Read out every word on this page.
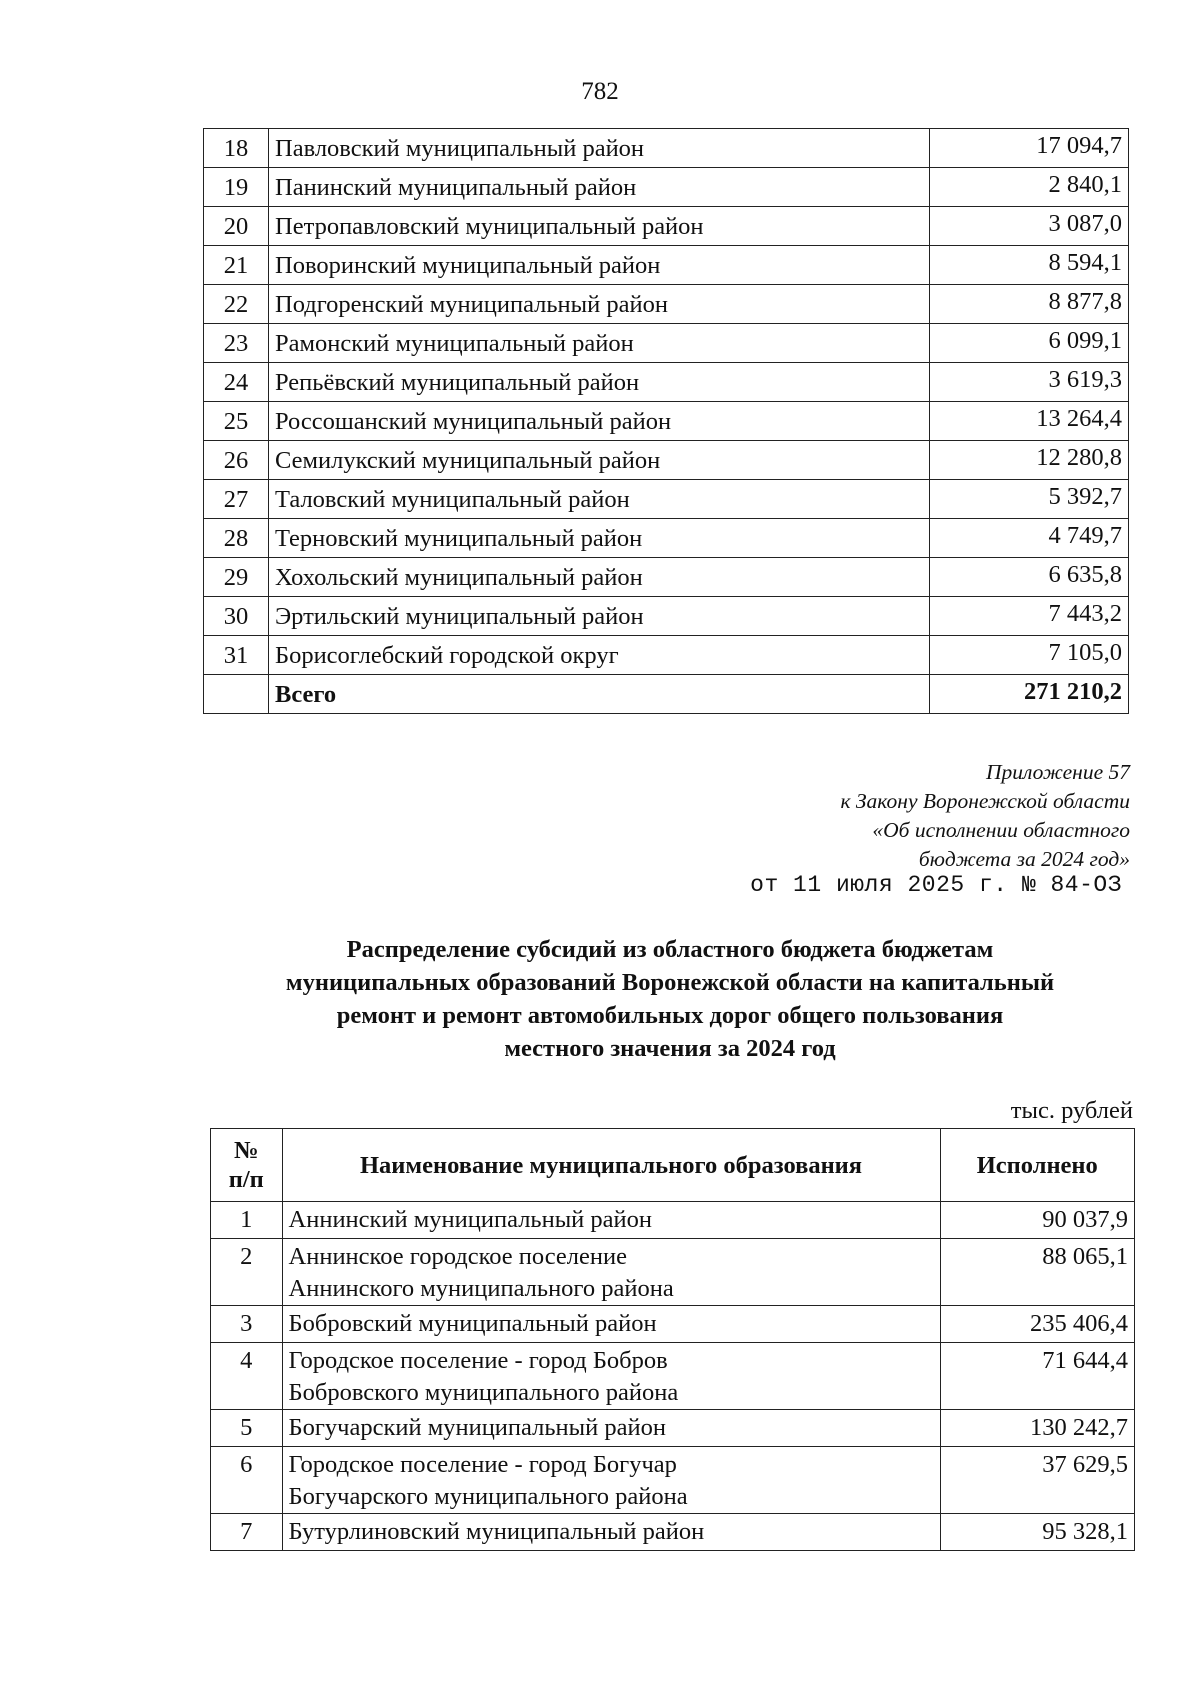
782
18	Павловский муниципальный район	17 094,7
19	Панинский муниципальный район	2 840,1
20	Петропавловский муниципальный район	3 087,0
21	Поворинский муниципальный район	8 594,1
22	Подгоренский муниципальный район	8 877,8
23	Рамонский муниципальный район	6 099,1
24	Репьёвский муниципальный район	3 619,3
25	Россошанский муниципальный район	13 264,4
26	Семилукский муниципальный район	12 280,8
27	Таловский муниципальный район	5 392,7
28	Терновский муниципальный район	4 749,7
29	Хохольский муниципальный район	6 635,8
30	Эртильский муниципальный район	7 443,2
31	Борисоглебский городской округ	7 105,0
	Всего	271 210,2
Приложение 57
к Закону Воронежской области
«Об исполнении областного
бюджета за 2024 год»
от 11 июля 2025 г. № 84-ОЗ
Распределение субсидий из областного бюджета бюджетам
муниципальных образований Воронежской области на капитальный
ремонт и ремонт автомобильных дорог общего пользования
местного значения за 2024 год
тыс. рублей
№
п/п	Наименование муниципального образования	Исполнено
1	Аннинский муниципальный район	90 037,9
2	Аннинское городское поселение
Аннинского муниципального района	88 065,1
3	Бобровский муниципальный район	235 406,4
4	Городское поселение - город Бобров
Бобровского муниципального района	71 644,4
5	Богучарский муниципальный район	130 242,7
6	Городское поселение - город Богучар
Богучарского муниципального района	37 629,5
7	Бутурлиновский муниципальный район	95 328,1
